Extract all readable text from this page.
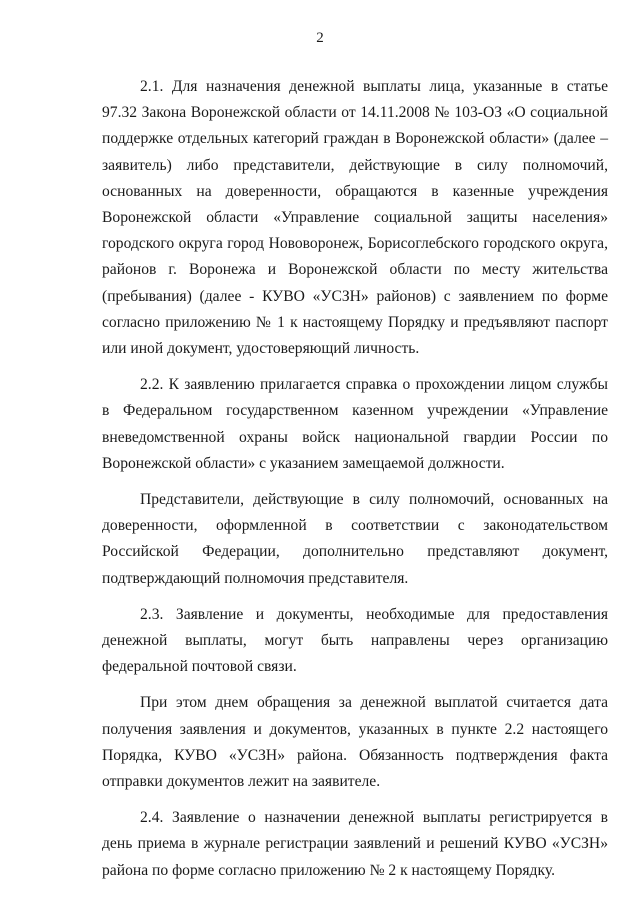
2

2.1. Для назначения денежной выплаты лица, указанные в статье 97.32 Закона Воронежской области от 14.11.2008 № 103-ОЗ «О социальной поддержке отдельных категорий граждан в Воронежской области» (далее – заявитель) либо представители, действующие в силу полномочий, основанных на доверенности, обращаются в казенные учреждения Воронежской области «Управление социальной защиты населения» городского округа город Нововоронеж, Борисоглебского городского округа, районов г. Воронежа и Воронежской области по месту жительства (пребывания) (далее - КУВО «УСЗН» районов) с заявлением по форме согласно приложению № 1 к настоящему Порядку и предъявляют паспорт или иной документ, удостоверяющий личность.

2.2. К заявлению прилагается справка о прохождении лицом службы в Федеральном государственном казенном учреждении «Управление вневедомственной охраны войск национальной гвардии России по Воронежской области» с указанием замещаемой должности.

Представители, действующие в силу полномочий, основанных на доверенности, оформленной в соответствии с законодательством Российской Федерации, дополнительно представляют документ, подтверждающий полномочия представителя.

2.3. Заявление и документы, необходимые для предоставления денежной выплаты, могут быть направлены через организацию федеральной почтовой связи.

При этом днем обращения за денежной выплатой считается дата получения заявления и документов, указанных в пункте 2.2 настоящего Порядка, КУВО «УСЗН» района. Обязанность подтверждения факта отправки документов лежит на заявителе.

2.4. Заявление о назначении денежной выплаты регистрируется в день приема в журнале регистрации заявлений и решений КУВО «УСЗН» района по форме согласно приложению № 2 к настоящему Порядку.
